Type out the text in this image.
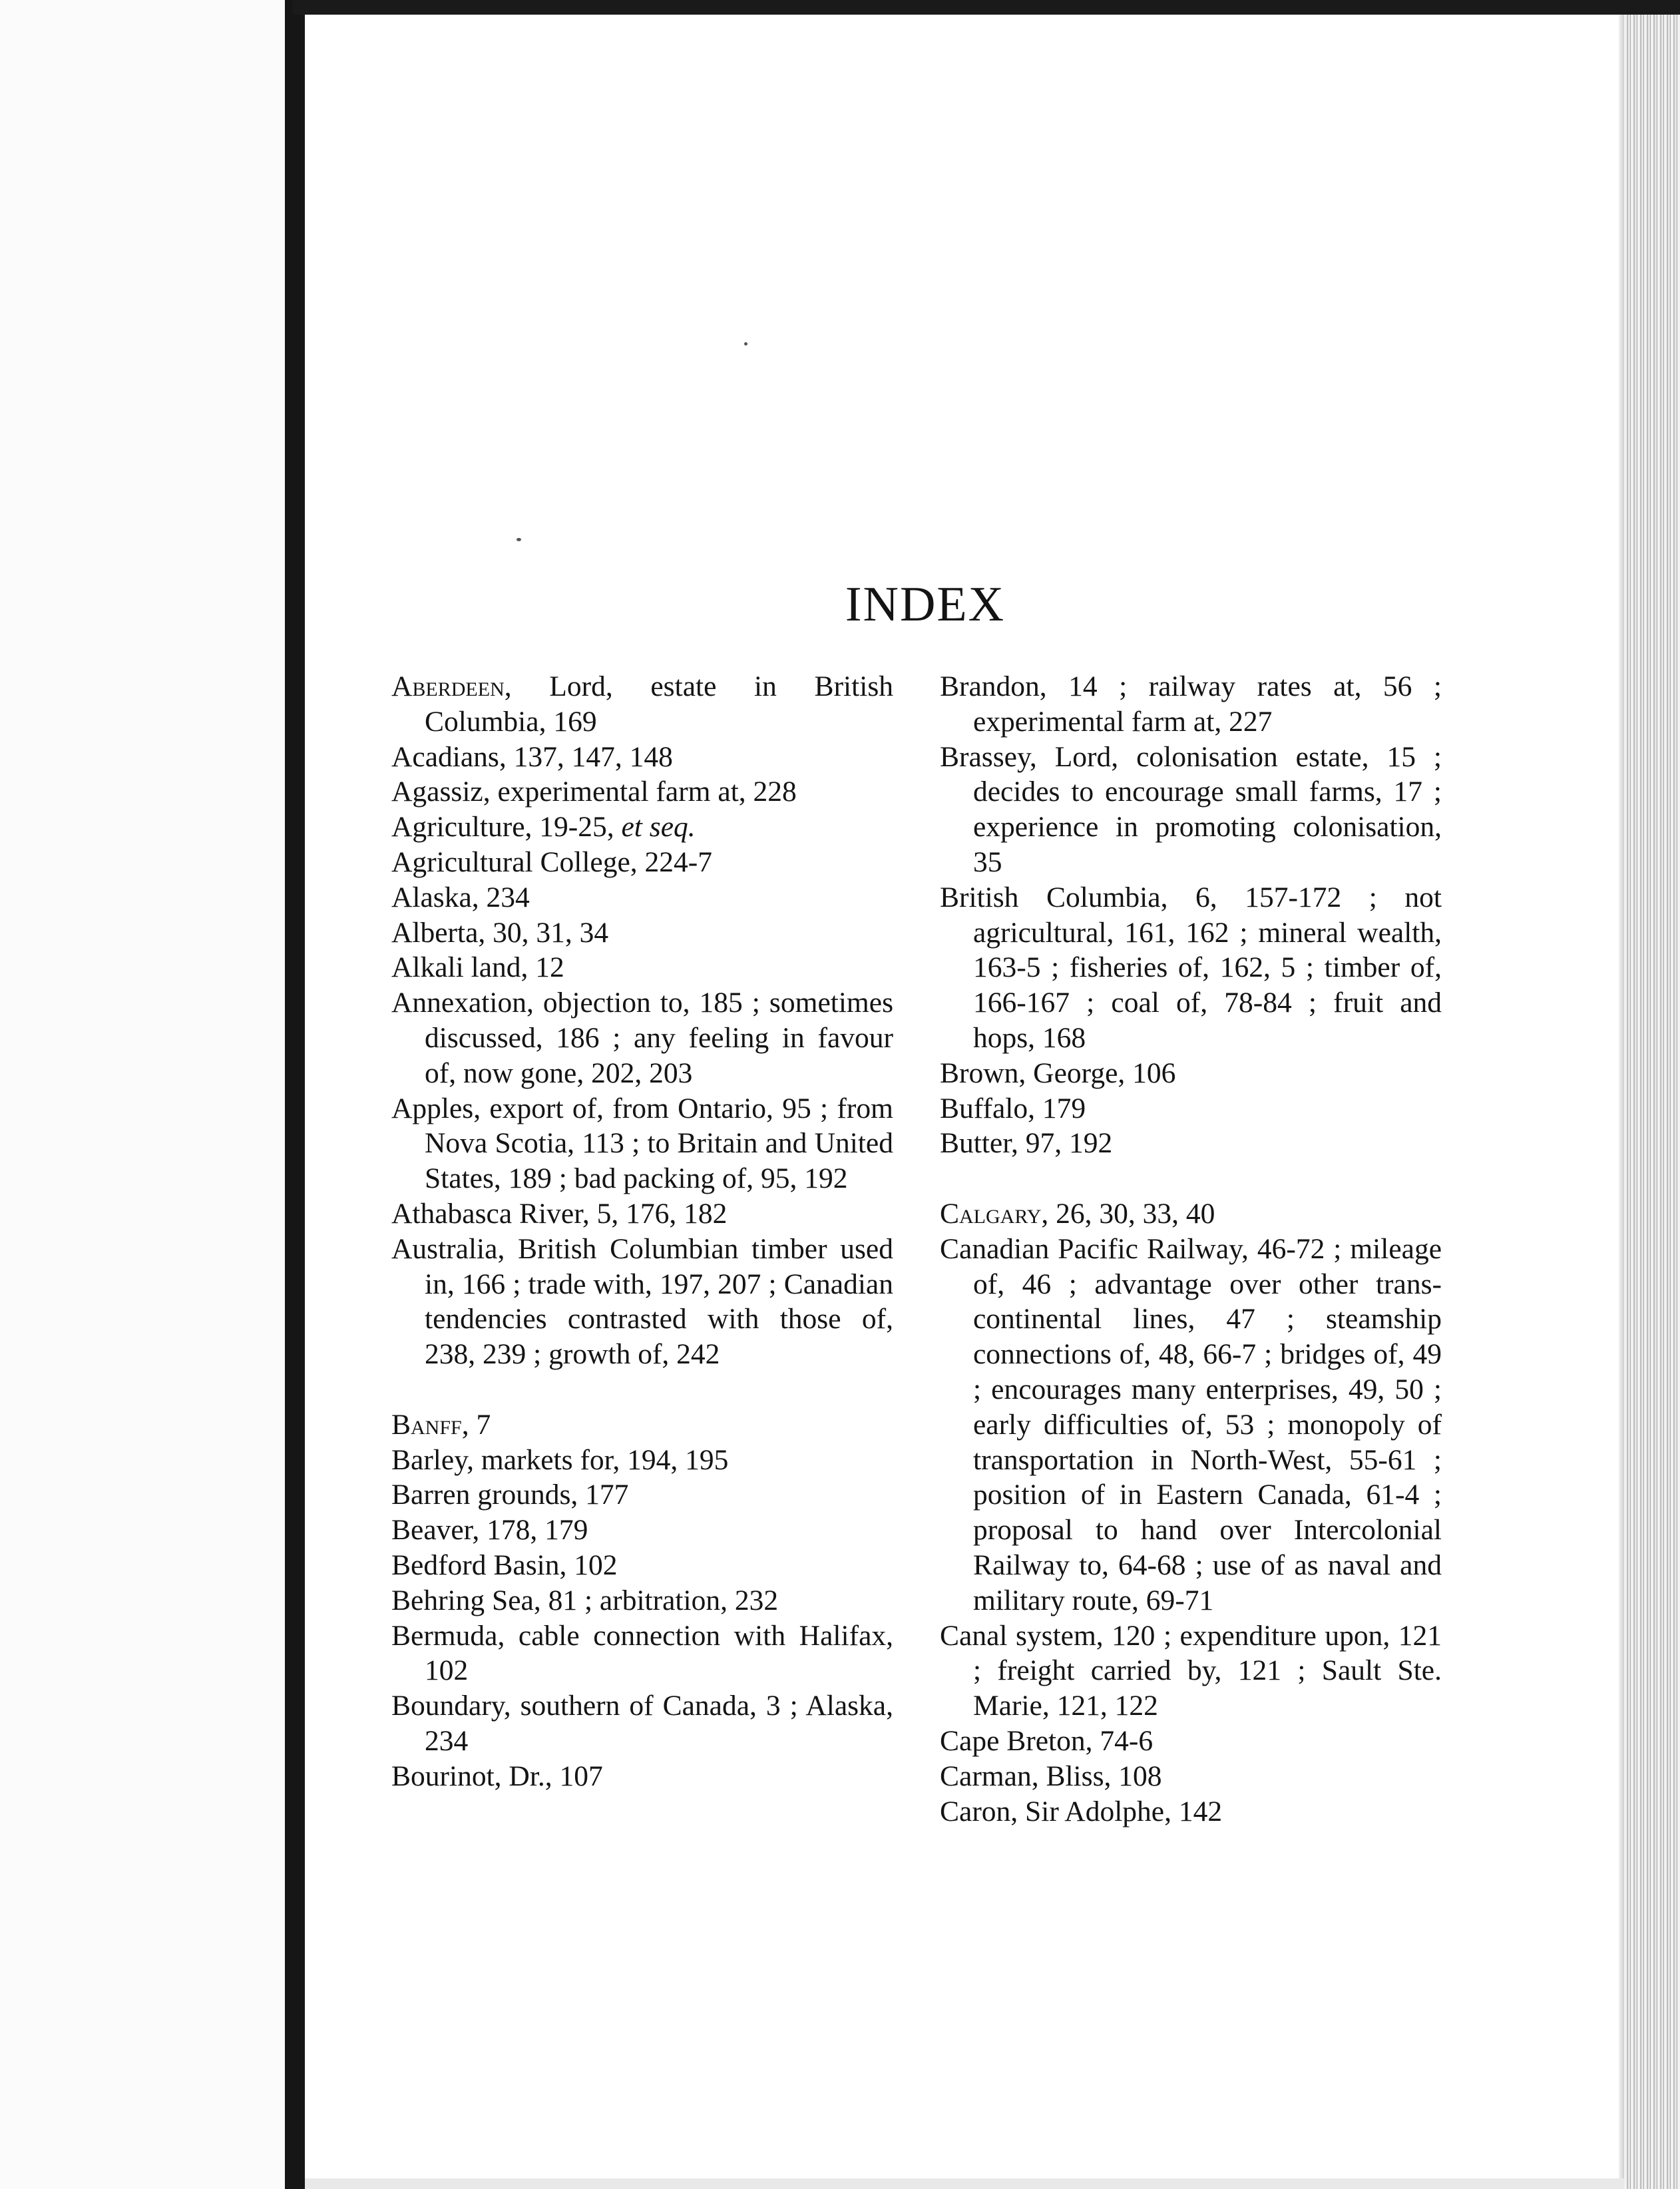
INDEX
Aberdeen, Lord, estate in British Columbia, 169
Acadians, 137, 147, 148
Agassiz, experimental farm at, 228
Agriculture, 19-25, et seq.
Agricultural College, 224-7
Alaska, 234
Alberta, 30, 31, 34
Alkali land, 12
Annexation, objection to, 185 ; sometimes discussed, 186 ; any feeling in favour of, now gone, 202, 203
Apples, export of, from Ontario, 95 ; from Nova Scotia, 113 ; to Britain and United States, 189 ; bad packing of, 95, 192
Athabasca River, 5, 176, 182
Australia, British Columbian timber used in, 166 ; trade with, 197, 207 ; Canadian tendencies contrasted with those of, 238, 239 ; growth of, 242
Banff, 7
Barley, markets for, 194, 195
Barren grounds, 177
Beaver, 178, 179
Bedford Basin, 102
Behring Sea, 81 ; arbitration, 232
Bermuda, cable connection with Halifax, 102
Boundary, southern of Canada, 3 ; Alaska, 234
Bourinot, Dr., 107
Brandon, 14 ; railway rates at, 56 ; experimental farm at, 227
Brassey, Lord, colonisation estate, 15 ; decides to encourage small farms, 17 ; experience in promoting colonisation, 35
British Columbia, 6, 157-172 ; not agricultural, 161, 162 ; mineral wealth, 163-5 ; fisheries of, 162, 5 ; timber of, 166-167 ; coal of, 78-84 ; fruit and hops, 168
Brown, George, 106
Buffalo, 179
Butter, 97, 192
Calgary, 26, 30, 33, 40
Canadian Pacific Railway, 46-72 ; mileage of, 46 ; advantage over other trans-continental lines, 47 ; steamship connections of, 48, 66-7 ; bridges of, 49 ; encourages many enterprises, 49, 50 ; early difficulties of, 53 ; monopoly of transportation in North-West, 55-61 ; position of in Eastern Canada, 61-4 ; proposal to hand over Intercolonial Railway to, 64-68 ; use of as naval and military route, 69-71
Canal system, 120 ; expenditure upon, 121 ; freight carried by, 121 ; Sault Ste. Marie, 121, 122
Cape Breton, 74-6
Carman, Bliss, 108
Caron, Sir Adolphe, 142
